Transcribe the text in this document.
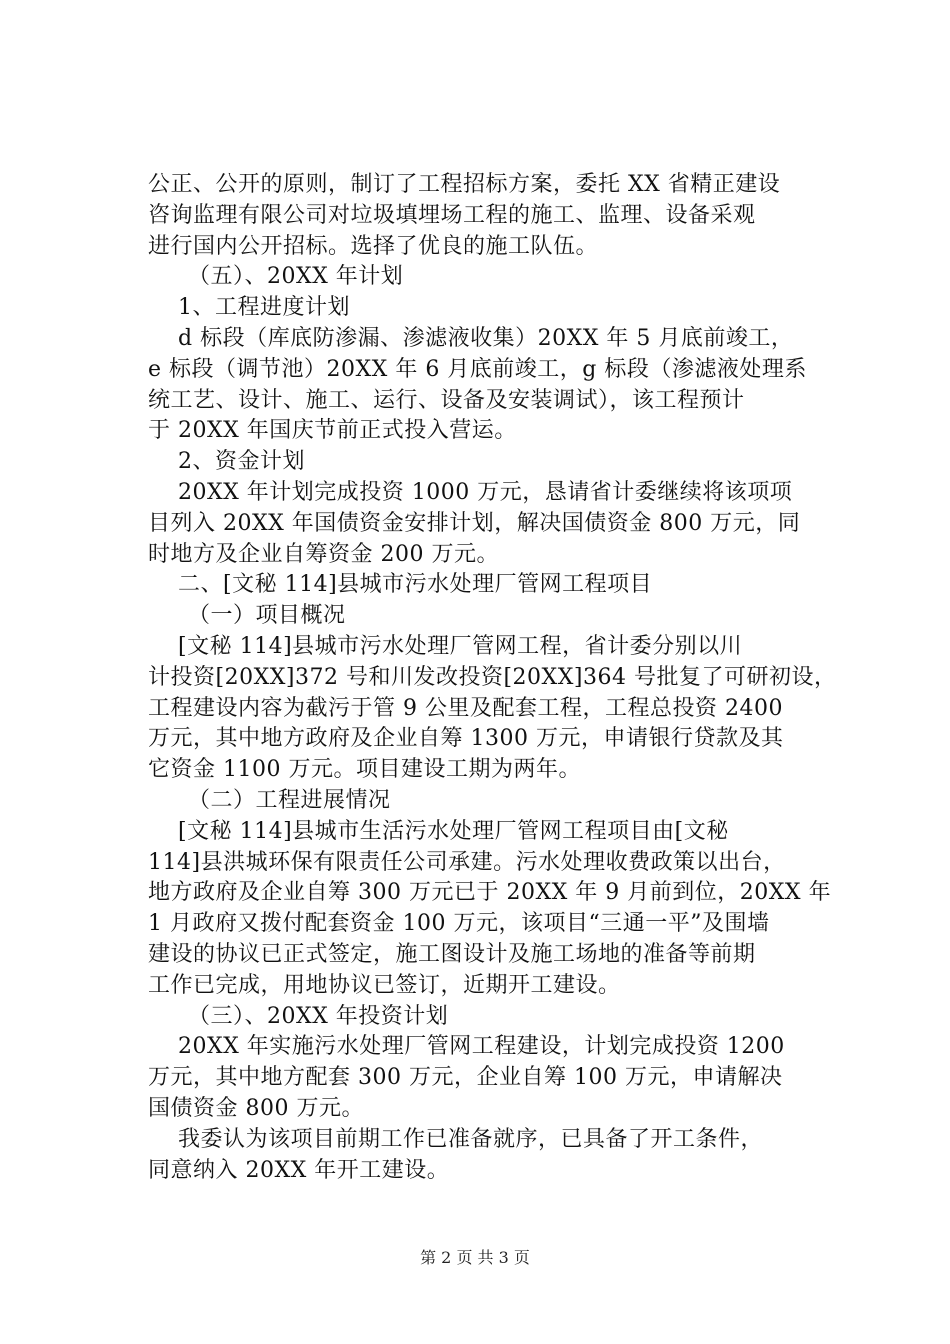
公正、公开的原则，制订了工程招标方案，委托 XX 省精正建设
咨询监理有限公司对垃圾填埋场工程的施工、监理、设备采观
进行国内公开招标。选择了优良的施工队伍。
（五）、20XX 年计划
1、工程进度计划
d 标段（库底防渗漏、渗滤液收集）20XX 年 5 月底前竣工，
e 标段（调节池）20XX 年 6 月底前竣工，g 标段（渗滤液处理系
统工艺、设计、施工、运行、设备及安装调试），该工程预计
于 20XX 年国庆节前正式投入营运。
2、资金计划
20XX 年计划完成投资 1000 万元，恳请省计委继续将该项项
目列入 20XX 年国债资金安排计划，解决国债资金 800 万元，同
时地方及企业自筹资金 200 万元。
二、[文秘 114]县城市污水处理厂管网工程项目
（一）项目概况
[文秘 114]县城市污水处理厂管网工程，省计委分别以川
计投资[20XX]372 号和川发改投资[20XX]364 号批复了可研初设，
工程建设内容为截污于管 9 公里及配套工程，工程总投资 2400
万元，其中地方政府及企业自筹 1300 万元，申请银行贷款及其
它资金 1100 万元。项目建设工期为两年。
（二）工程进展情况
[文秘 114]县城市生活污水处理厂管网工程项目由[文秘
114]县洪城环保有限责任公司承建。污水处理收费政策以出台，
地方政府及企业自筹 300 万元已于 20XX 年 9 月前到位，20XX 年
1 月政府又拨付配套资金 100 万元，该项目“三通一平”及围墙
建设的协议已正式签定，施工图设计及施工场地的准备等前期
工作已完成，用地协议已签订，近期开工建设。
（三）、20XX 年投资计划
20XX 年实施污水处理厂管网工程建设，计划完成投资 1200
万元，其中地方配套 300 万元，企业自筹 100 万元，申请解决
国债资金 800 万元。
我委认为该项目前期工作已准备就序，已具备了开工条件，
同意纳入 20XX 年开工建设。
第 2 页 共 3 页
